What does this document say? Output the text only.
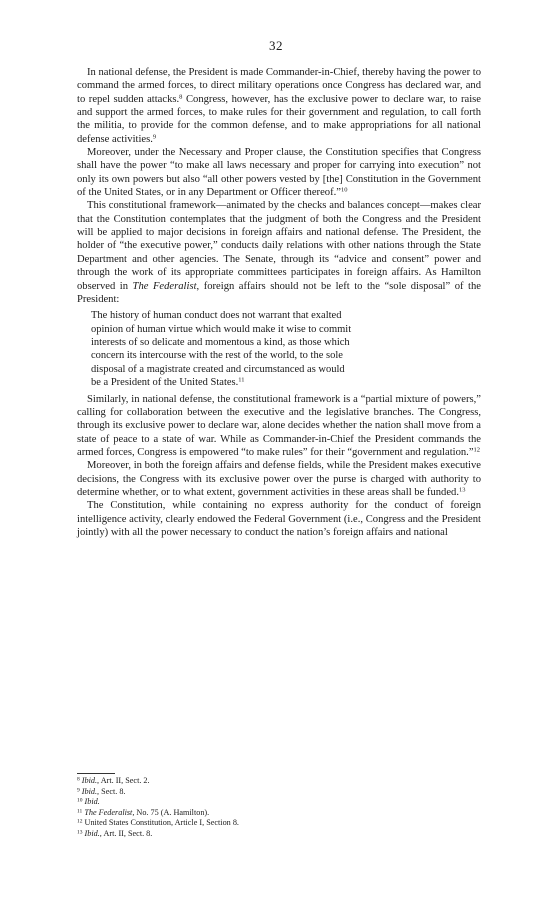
32

In national defense, the President is made Commander-in-Chief, thereby having the power to command the armed forces, to direct military operations once Congress has declared war, and to repel sudden attacks.$^8$ Congress, however, has the exclusive power to declare war, to raise and support the armed forces, to make rules for their government and regulation, to call forth the militia, to provide for the common defense, and to make appropriations for all national defense activities.$^9$

Moreover, under the Necessary and Proper clause, the Constitution specifies that Congress shall have the power “to make all laws necessary and proper for carrying into execution” not only its own powers but also “all other powers vested by [the] Constitution in the Government of the United States, or in any Department or Officer thereof.”$^{10}$

This constitutional framework—animated by the checks and balances concept—makes clear that the Constitution contemplates that the judgment of both the Congress and the President will be applied to major decisions in foreign affairs and national defense. The President, the holder of “the executive power,” conducts daily relations with other nations through the State Department and other agencies. The Senate, through its “advice and consent” power and through the work of its appropriate committees participates in foreign affairs. As Hamilton observed in The Federalist, foreign affairs should not be left to the “sole disposal” of the President:

The history of human conduct does not warrant that exalted
opinion of human virtue which would make it wise to commit
interests of so delicate and momentous a kind, as those which
concern its intercourse with the rest of the world, to the sole
disposal of a magistrate created and circumstanced as would
be a President of the United States.$^{11}$

Similarly, in national defense, the constitutional framework is a “partial mixture of powers,” calling for collaboration between the executive and the legislative branches. The Congress, through its exclusive power to declare war, alone decides whether the nation shall move from a state of peace to a state of war. While as Commander-in-Chief the President commands the armed forces, Congress is empowered “to make rules” for their “government and regulation.”$^{12}$

Moreover, in both the foreign affairs and defense fields, while the President makes executive decisions, the Congress with its exclusive power over the purse is charged with authority to determine whether, or to what extent, government activities in these areas shall be funded.$^{13}$

The Constitution, while containing no express authority for the conduct of foreign intelligence activity, clearly endowed the Federal Government (i.e., Congress and the President jointly) with all the power necessary to conduct the nation’s foreign affairs and national

$^8$ Ibid., Art. II, Sect. 2.
$^9$ Ibid., Sect. 8.
$^{10}$ Ibid.
$^{11}$ The Federalist, No. 75 (A. Hamilton).
$^{12}$ United States Constitution, Article I, Section 8.
$^{13}$ Ibid., Art. II, Sect. 8.
